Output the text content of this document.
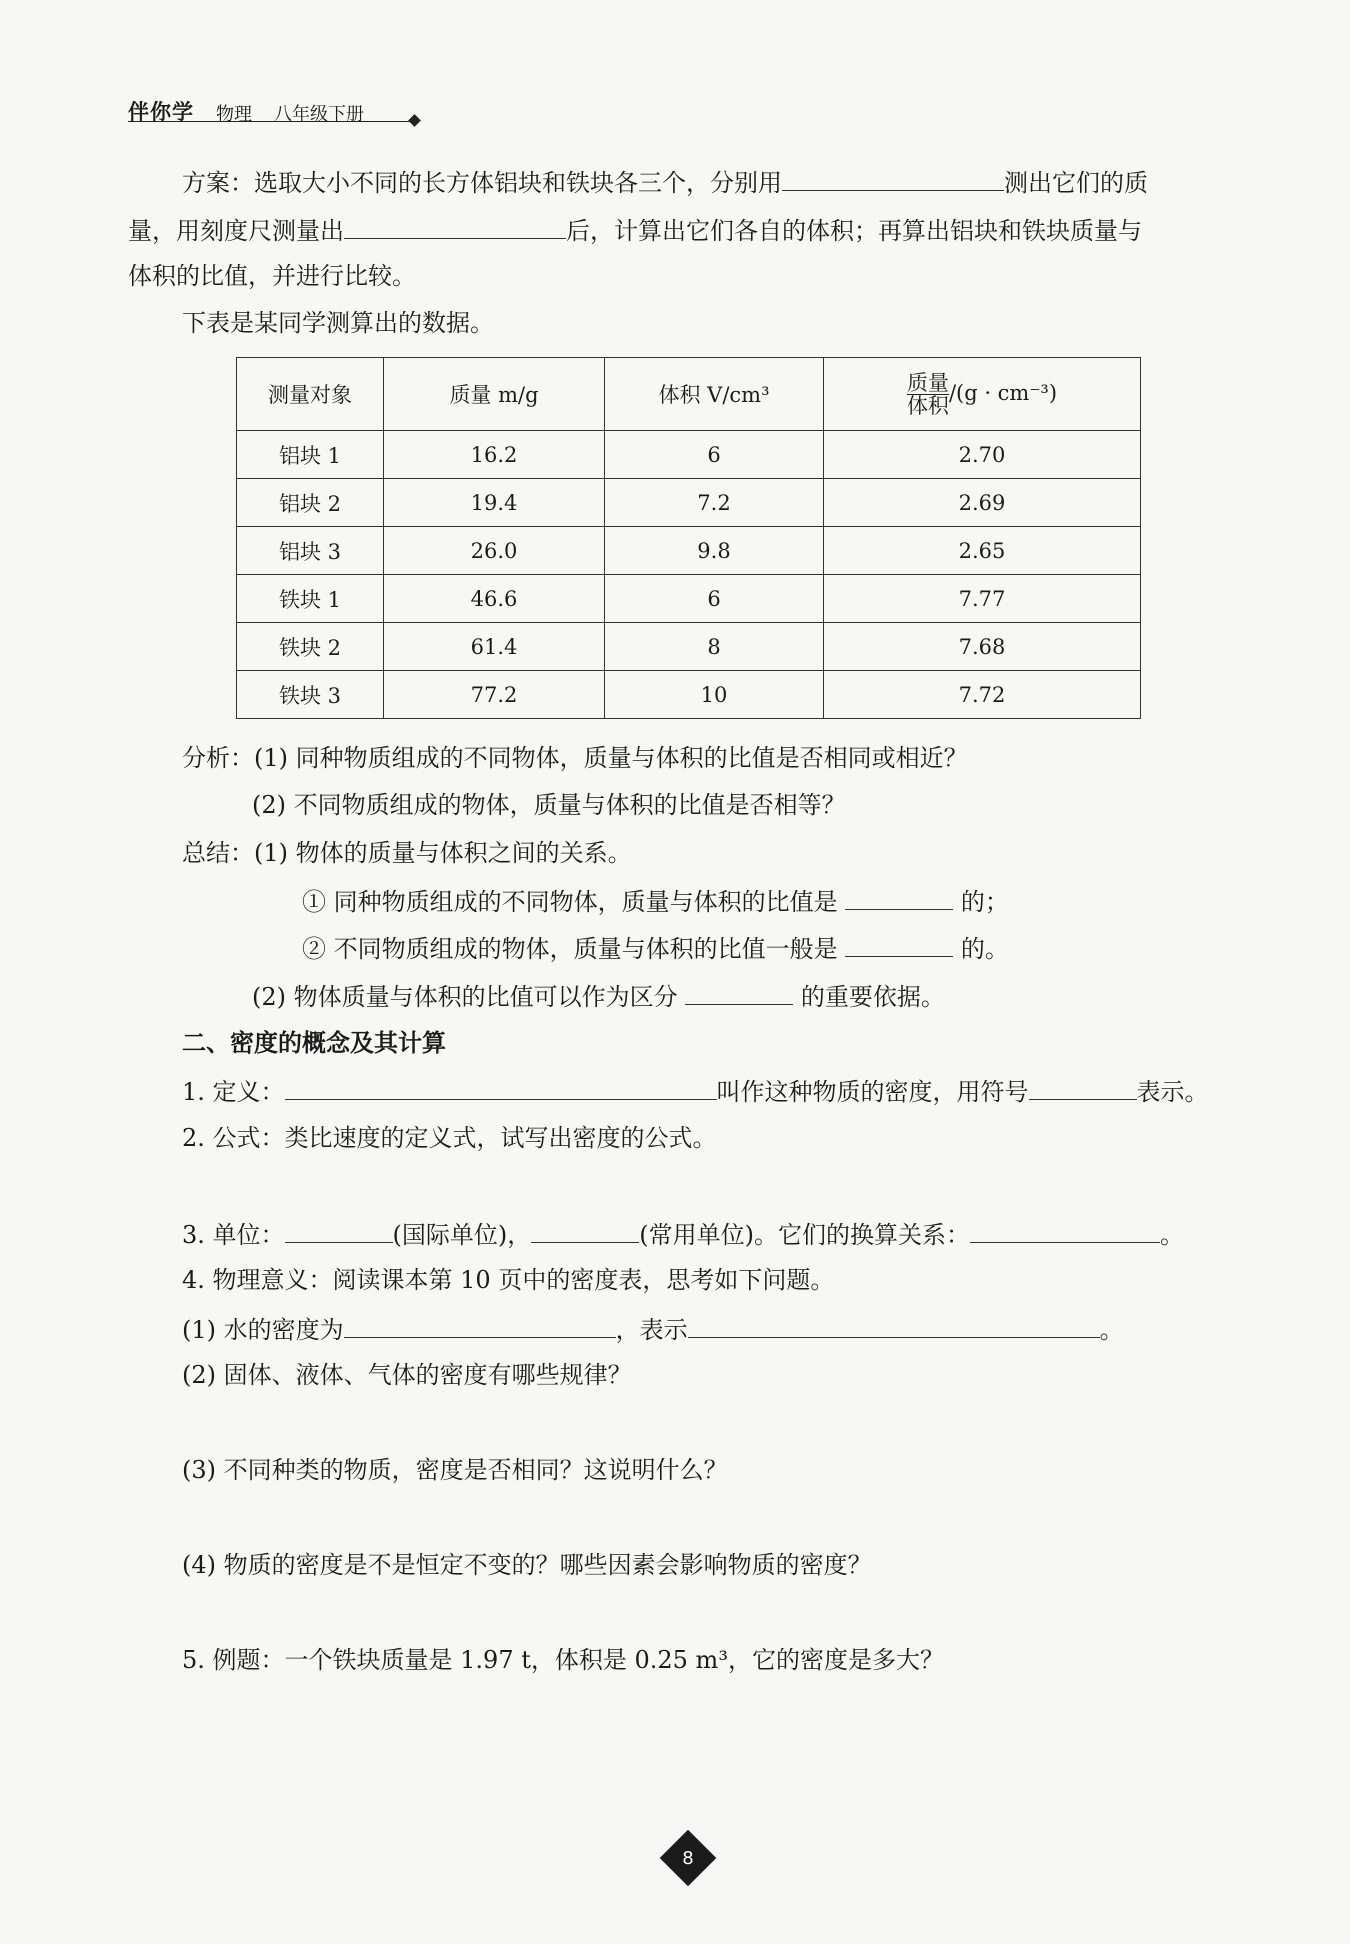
伴你学 物理 八年级下册
方案：选取大小不同的长方体铝块和铁块各三个，分别用	测出它们的质
量，用刻度尺测量出	后，计算出它们各自的体积；再算出铝块和铁块质量与
体积的比值，并进行比较。
下表是某同学测算出的数据。
测量对象	质量 m/g	体积 V/cm³	$\frac{\text{质量}}{\text{体积}} /(g \cdot cm^{-3})$
铝块 1	16.2	6	2.70
铝块 2	19.4	7.2	2.69
铝块 3	26.0	9.8	2.65
铁块 1	46.6	6	7.77
铁块 2	61.4	8	7.68
铁块 3	77.2	10	7.72
分析：(1) 同种物质组成的不同物体，质量与体积的比值是否相同或相近？
(2) 不同物质组成的物体，质量与体积的比值是否相等？
总结：(1) 物体的质量与体积之间的关系。
① 同种物质组成的不同物体，质量与体积的比值是	的；
② 不同物质组成的物体，质量与体积的比值一般是	的。
(2) 物体质量与体积的比值可以作为区分	的重要依据。
二、密度的概念及其计算
1. 定义：	叫作这种物质的密度，用符号	表示。
2. 公式：类比速度的定义式，试写出密度的公式。
3. 单位：	(国际单位)，	(常用单位)。它们的换算关系：	。
4. 物理意义：阅读课本第 10 页中的密度表，思考如下问题。
(1) 水的密度为	，表示	。
(2) 固体、液体、气体的密度有哪些规律？
(3) 不同种类的物质，密度是否相同？这说明什么？
(4) 物质的密度是不是恒定不变的？哪些因素会影响物质的密度？
5. 例题：一个铁块质量是 1.97 t，体积是 0.25 m³，它的密度是多大？
8
